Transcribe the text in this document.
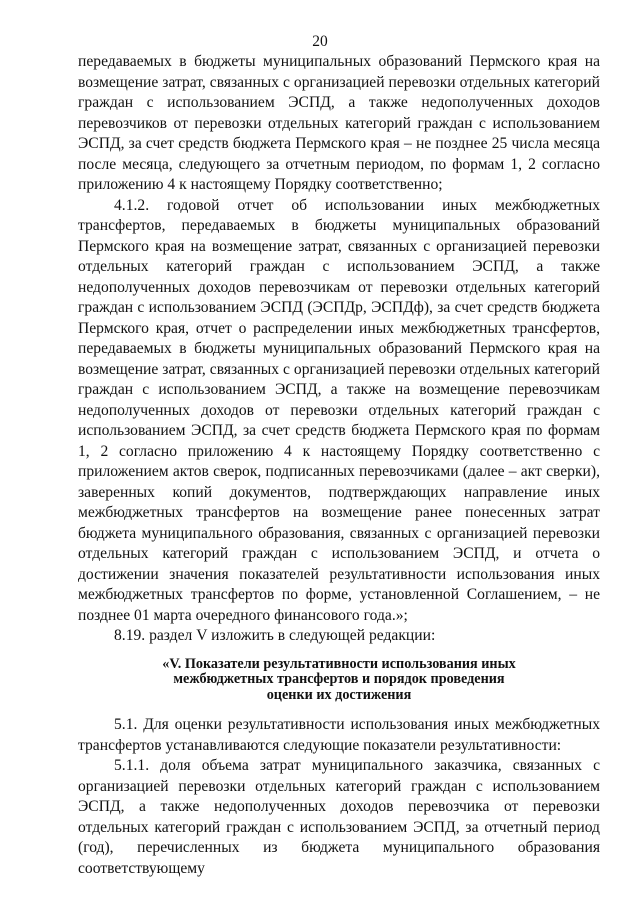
20

передаваемых в бюджеты муниципальных образований Пермского края на возмещение затрат, связанных с организацией перевозки отдельных категорий граждан с использованием ЭСПД, а также недополученных доходов перевозчиков от перевозки отдельных категорий граждан с использованием ЭСПД, за счет средств бюджета Пермского края – не позднее 25 числа месяца после месяца, следующего за отчетным периодом, по формам 1, 2 согласно приложению 4 к настоящему Порядку соответственно;

4.1.2. годовой отчет об использовании иных межбюджетных трансфертов, передаваемых в бюджеты муниципальных образований Пермского края на возмещение затрат, связанных с организацией перевозки отдельных категорий граждан с использованием ЭСПД, а также недополученных доходов перевозчикам от перевозки отдельных категорий граждан с использованием ЭСПД (ЭСПДр, ЭСПДф), за счет средств бюджета Пермского края, отчет о распределении иных межбюджетных трансфертов, передаваемых в бюджеты муниципальных образований Пермского края на возмещение затрат, связанных с организацией перевозки отдельных категорий граждан с использованием ЭСПД, а также на возмещение перевозчикам недополученных доходов от перевозки отдельных категорий граждан с использованием ЭСПД, за счет средств бюджета Пермского края по формам 1, 2 согласно приложению 4 к настоящему Порядку соответственно с приложением актов сверок, подписанных перевозчиками (далее – акт сверки), заверенных копий документов, подтверждающих направление иных межбюджетных трансфертов на возмещение ранее понесенных затрат бюджета муниципального образования, связанных с организацией перевозки отдельных категорий граждан с использованием ЭСПД, и отчета о достижении значения показателей результативности использования иных межбюджетных трансфертов по форме, установленной Соглашением, – не позднее 01 марта очередного финансового года.»;

8.19. раздел V изложить в следующей редакции:

«V. Показатели результативности использования иных
межбюджетных трансфертов и порядок проведения
оценки их достижения

5.1. Для оценки результативности использования иных межбюджетных трансфертов устанавливаются следующие показатели результативности:

5.1.1. доля объема затрат муниципального заказчика, связанных с организацией перевозки отдельных категорий граждан с использованием ЭСПД, а также недополученных доходов перевозчика от перевозки отдельных категорий граждан с использованием ЭСПД, за отчетный период (год), перечисленных из бюджета муниципального образования соответствующему
